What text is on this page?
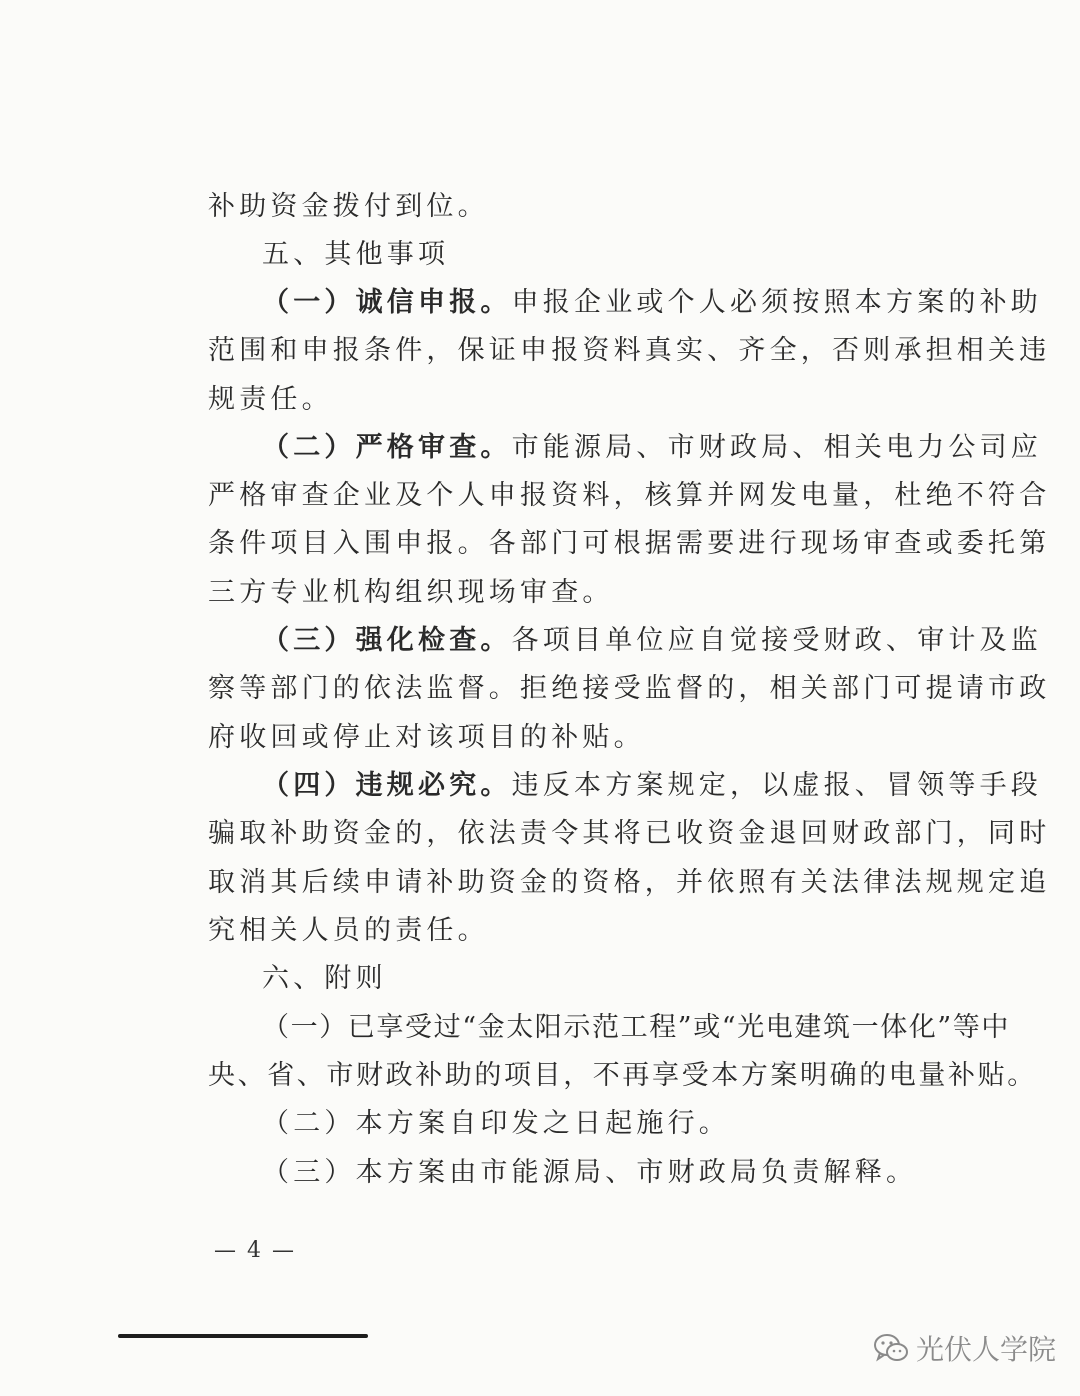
补助资金拨付到位。
五、其他事项
（一）诚信申报。申报企业或个人必须按照本方案的补助
范围和申报条件，保证申报资料真实、齐全，否则承担相关违
规责任。
（二）严格审查。市能源局、市财政局、相关电力公司应
严格审查企业及个人申报资料，核算并网发电量，杜绝不符合
条件项目入围申报。各部门可根据需要进行现场审查或委托第
三方专业机构组织现场审查。
（三）强化检查。各项目单位应自觉接受财政、审计及监
察等部门的依法监督。拒绝接受监督的，相关部门可提请市政
府收回或停止对该项目的补贴。
（四）违规必究。违反本方案规定，以虚报、冒领等手段
骗取补助资金的，依法责令其将已收资金退回财政部门，同时
取消其后续申请补助资金的资格，并依照有关法律法规规定追
究相关人员的责任。
六、附则
（一）已享受过“金太阳示范工程”或“光电建筑一体化”等中
央、省、市财政补助的项目，不再享受本方案明确的电量补贴。
（二）本方案自印发之日起施行。
（三）本方案由市能源局、市财政局负责解释。
— 4 —
光伏人学院
